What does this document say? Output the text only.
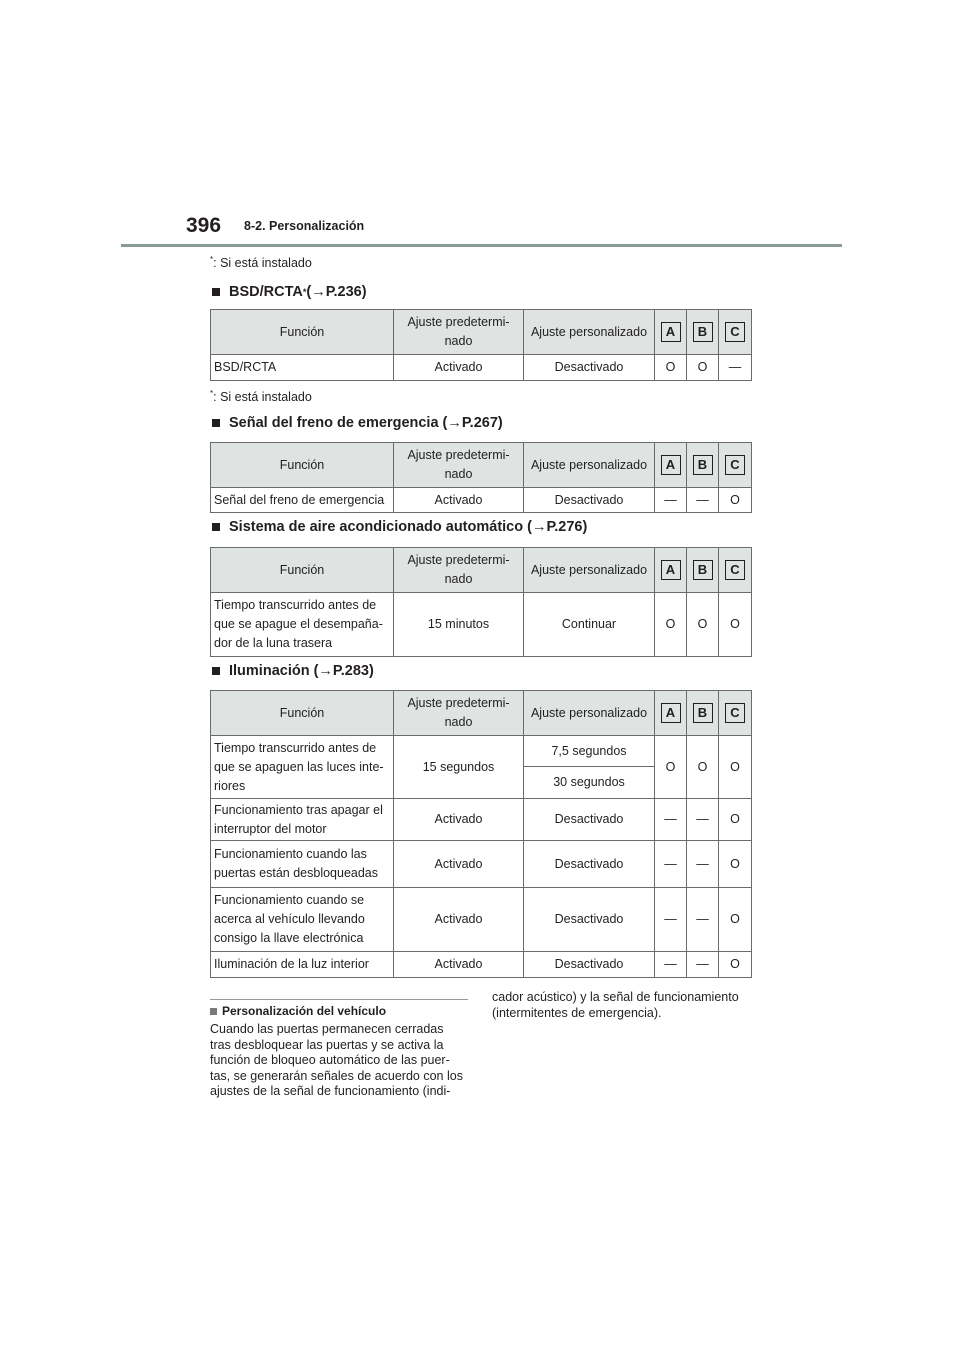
396 8-2. Personalización
*: Si está instalado
BSD/RCTA * (→P.236)
Función	Ajuste predetermi-nado	Ajuste personalizado	A	B	C
BSD/RCTA	Activado	Desactivado	O	O	—
*: Si está instalado
Señal del freno de emergencia (→P.267)
Función	Ajuste predetermi-nado	Ajuste personalizado	A	B	C
Señal del freno de emergencia	Activado	Desactivado	—	—	O
Sistema de aire acondicionado automático (→P.276)
Función	Ajuste predetermi-nado	Ajuste personalizado	A	B	C
Tiempo transcurrido antes de que se apague el desempaña-dor de la luna trasera	15 minutos	Continuar	O	O	O
Iluminación (→P.283)
Función	Ajuste predetermi-nado	Ajuste personalizado	A	B	C
Tiempo transcurrido antes de que se apaguen las luces inte-riores	15 segundos	7,5 segundos	O	O	O
		30 segundos			
Funcionamiento tras apagar el interruptor del motor	Activado	Desactivado	—	—	O
Funcionamiento cuando las puertas están desbloqueadas	Activado	Desactivado	—	—	O
Funcionamiento cuando se acerca al vehículo llevando consigo la llave electrónica	Activado	Desactivado	—	—	O
Iluminación de la luz interior	Activado	Desactivado	—	—	O
Personalización del vehículo
Cuando las puertas permanecen cerradas
tras desbloquear las puertas y se activa la
función de bloqueo automático de las puer-
tas, se generarán señales de acuerdo con los
ajustes de la señal de funcionamiento (indi-
cador acústico) y la señal de funcionamiento
(intermitentes de emergencia).
